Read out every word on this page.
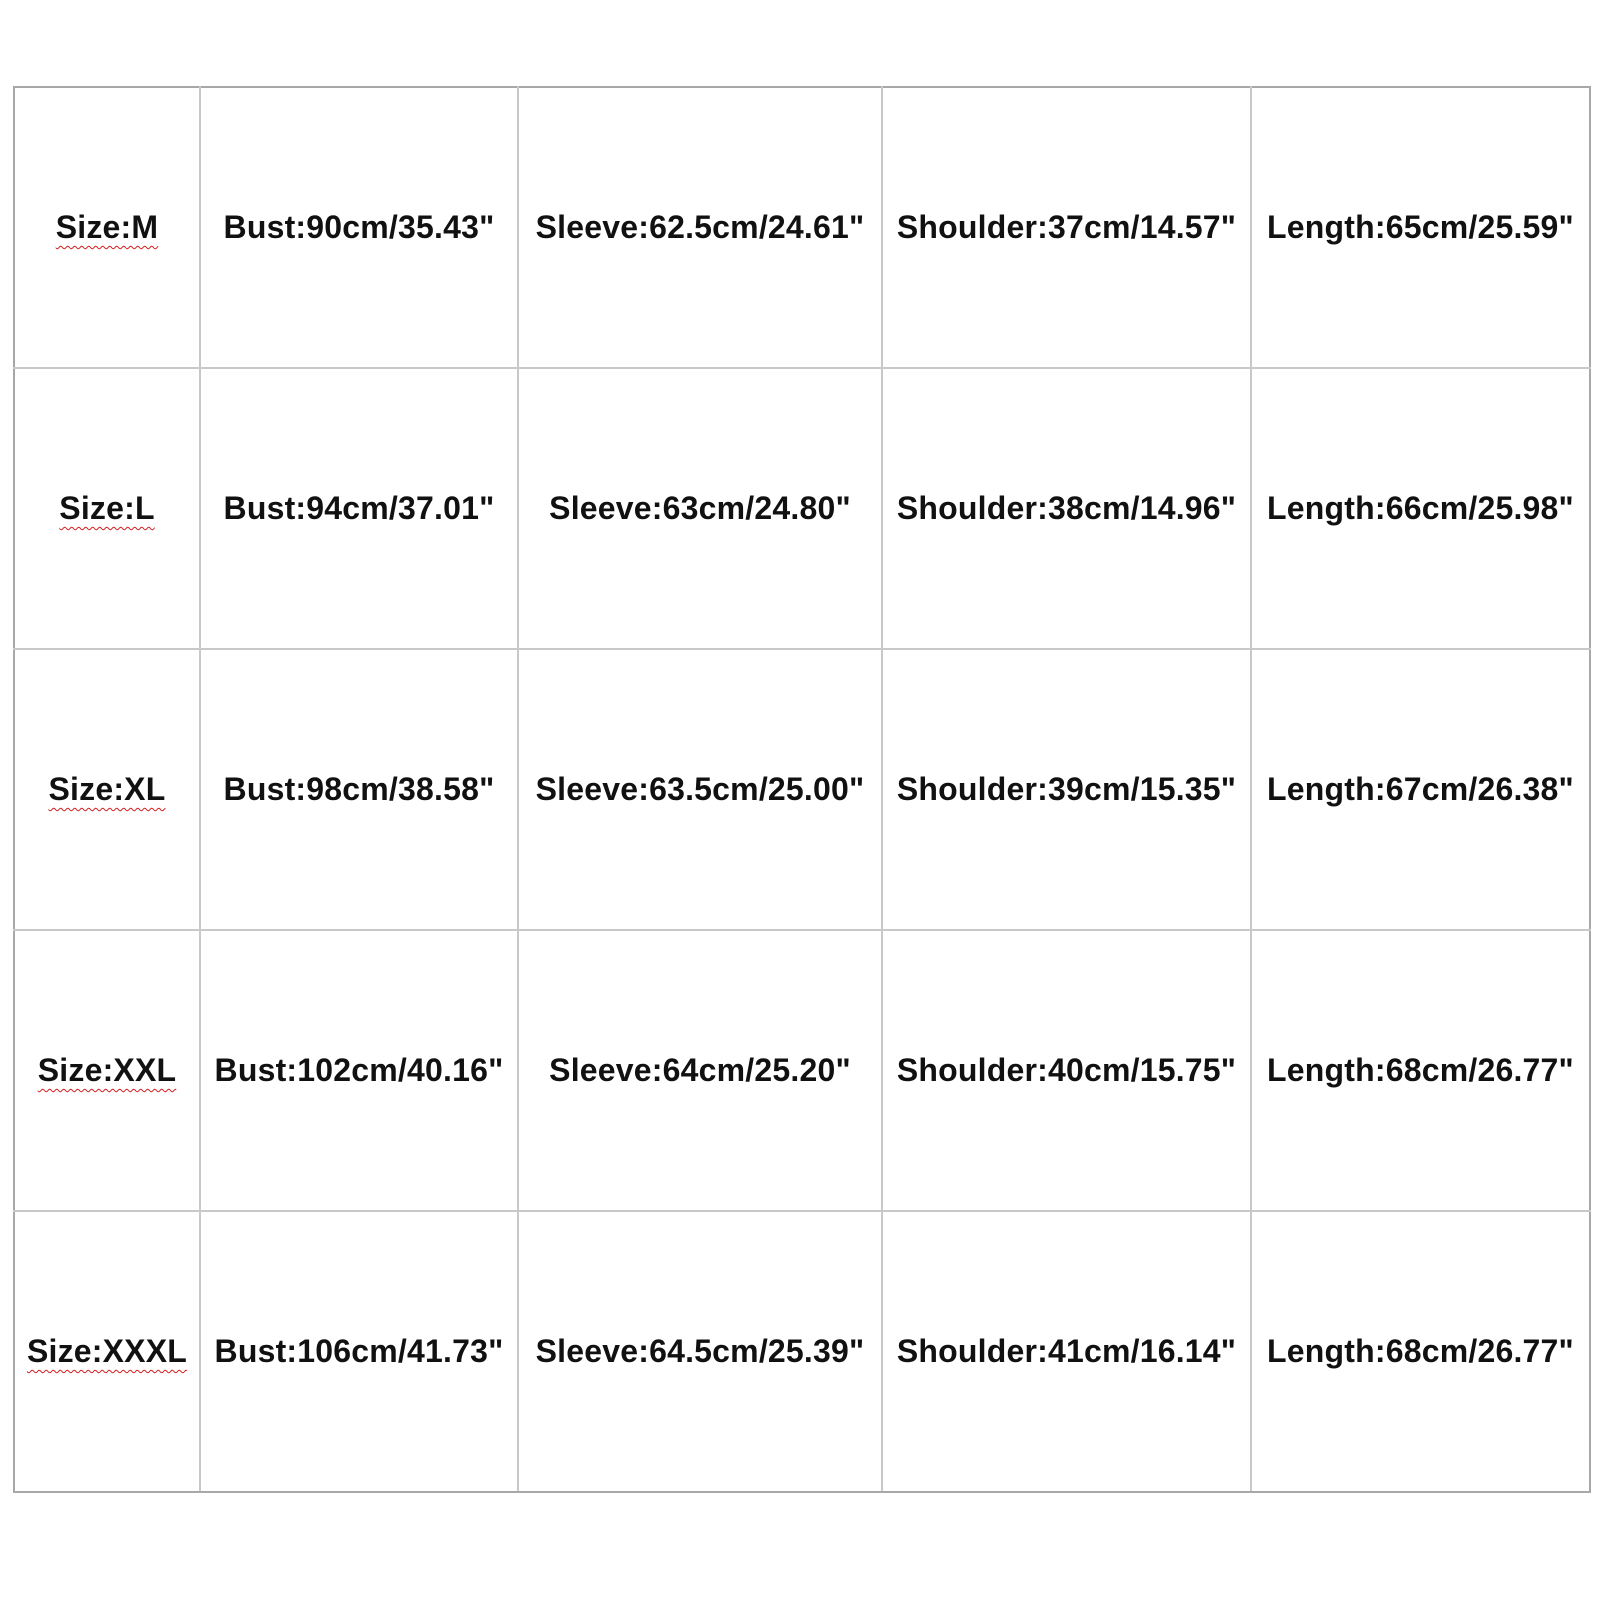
Size:M	Bust:90cm/35.43"	Sleeve:62.5cm/24.61"	Shoulder:37cm/14.57"	Length:65cm/25.59"
Size:L	Bust:94cm/37.01"	Sleeve:63cm/24.80"	Shoulder:38cm/14.96"	Length:66cm/25.98"
Size:XL	Bust:98cm/38.58"	Sleeve:63.5cm/25.00"	Shoulder:39cm/15.35"	Length:67cm/26.38"
Size:XXL	Bust:102cm/40.16"	Sleeve:64cm/25.20"	Shoulder:40cm/15.75"	Length:68cm/26.77"
Size:XXXL	Bust:106cm/41.73"	Sleeve:64.5cm/25.39"	Shoulder:41cm/16.14"	Length:68cm/26.77"
